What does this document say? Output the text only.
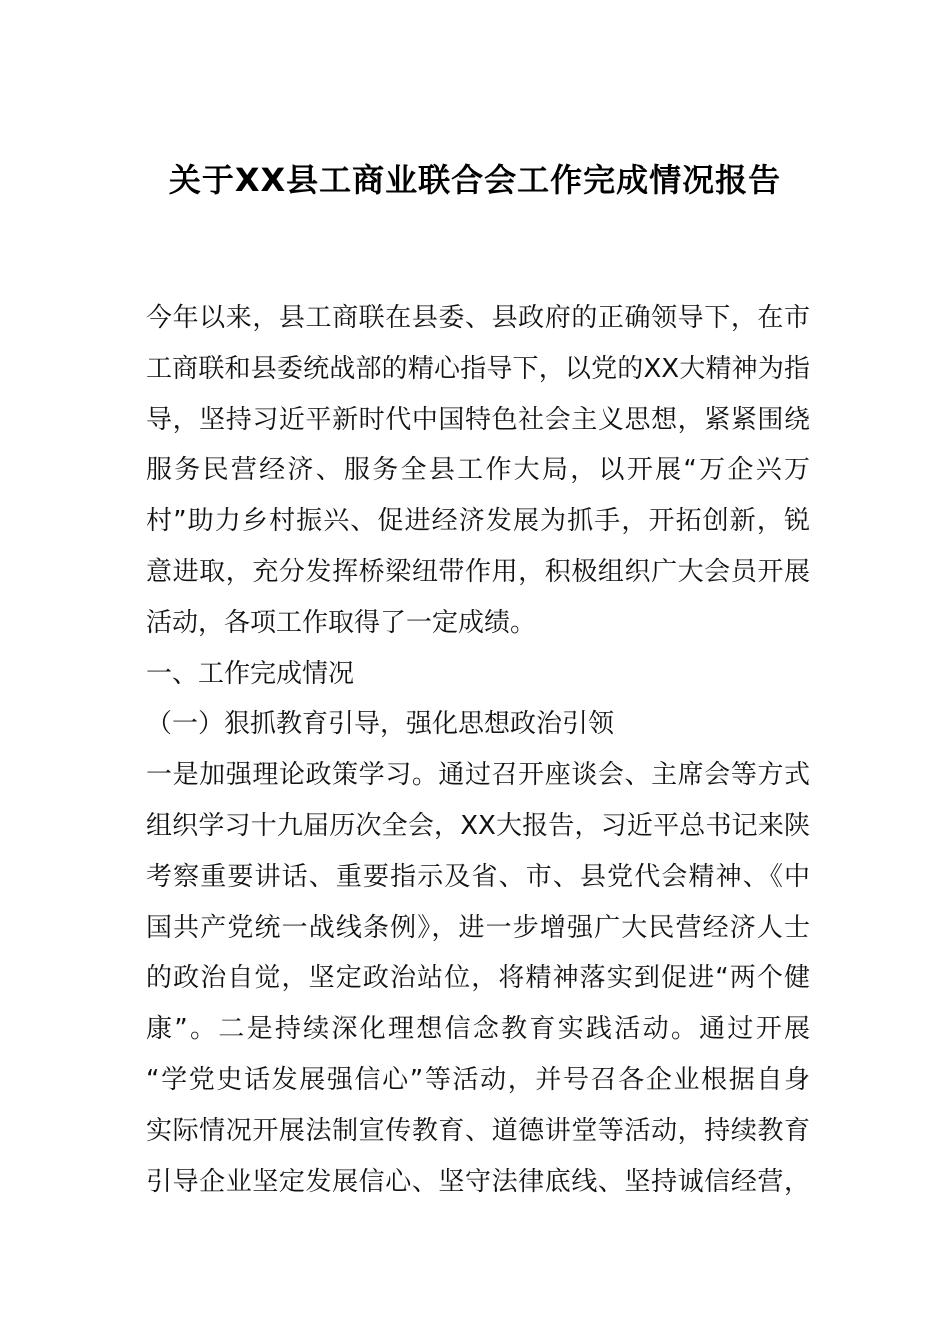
关于XX县工商业联合会工作完成情况报告

今年以来，县工商联在县委、县政府的正确领导下，在市

工商联和县委统战部的精心指导下，以党的XX大精神为指

导，坚持习近平新时代中国特色社会主义思想，紧紧围绕

服务民营经济、服务全县工作大局，以开展“万企兴万

村”助力乡村振兴、促进经济发展为抓手，开拓创新，锐

意进取，充分发挥桥梁纽带作用，积极组织广大会员开展

活动，各项工作取得了一定成绩。

一、工作完成情况

（一）狠抓教育引导，强化思想政治引领

一是加强理论政策学习。通过召开座谈会、主席会等方式

组织学习十九届历次全会，XX大报告，习近平总书记来陕

考察重要讲话、重要指示及省、市、县党代会精神、《中

国共产党统一战线条例》，进一步增强广大民营经济人士

的政治自觉，坚定政治站位，将精神落实到促进“两个健

康”。二是持续深化理想信念教育实践活动。通过开展

“学党史话发展强信心”等活动，并号召各企业根据自身

实际情况开展法制宣传教育、道德讲堂等活动，持续教育

引导企业坚定发展信心、坚守法律底线、坚持诚信经营，
